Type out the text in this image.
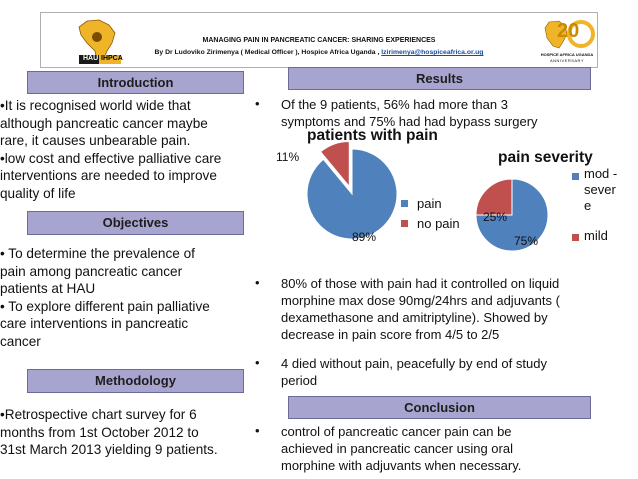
HAU IHPCA
MANAGING PAIN IN PANCREATIC CANCER: SHARING EXPERIENCES
By Dr Ludoviko Zirimenya ( Medical Officer ), Hospice Africa Uganda , lzirimenya@hospiceafrica.or.ug
20
HOSPICE AFRICA UGANDA
ANNIVERSARY
Introduction
•It is recognised world wide that
although pancreatic cancer maybe
rare, it causes unbearable pain.
•low cost and effective palliative care
interventions are needed to improve
quality of life
Objectives
• To determine the prevalence of
pain among pancreatic cancer
patients at HAU
• To explore different pain palliative
care interventions in pancreatic
cancer
Methodology
•Retrospective chart survey for 6
months from 1st October 2012 to
31st March 2013 yielding 9 patients.
Results
• Of the 9 patients, 56% had more than 3
symptoms and 75% had had bypass surgery
patients with pain
11%
89%
pain
no pain
pain severity
25%
75%
mod -
sever
e
mild
• 80% of those with pain had it controlled on liquid
morphine max dose 90mg/24hrs and adjuvants (
dexamethasone and amitriptyline). Showed by
decrease in pain score from 4/5 to 2/5
• 4 died without pain, peacefully by end of study
period
Conclusion
• control of pancreatic cancer pain can be
achieved in pancreatic cancer using oral
morphine with adjuvants when necessary.
